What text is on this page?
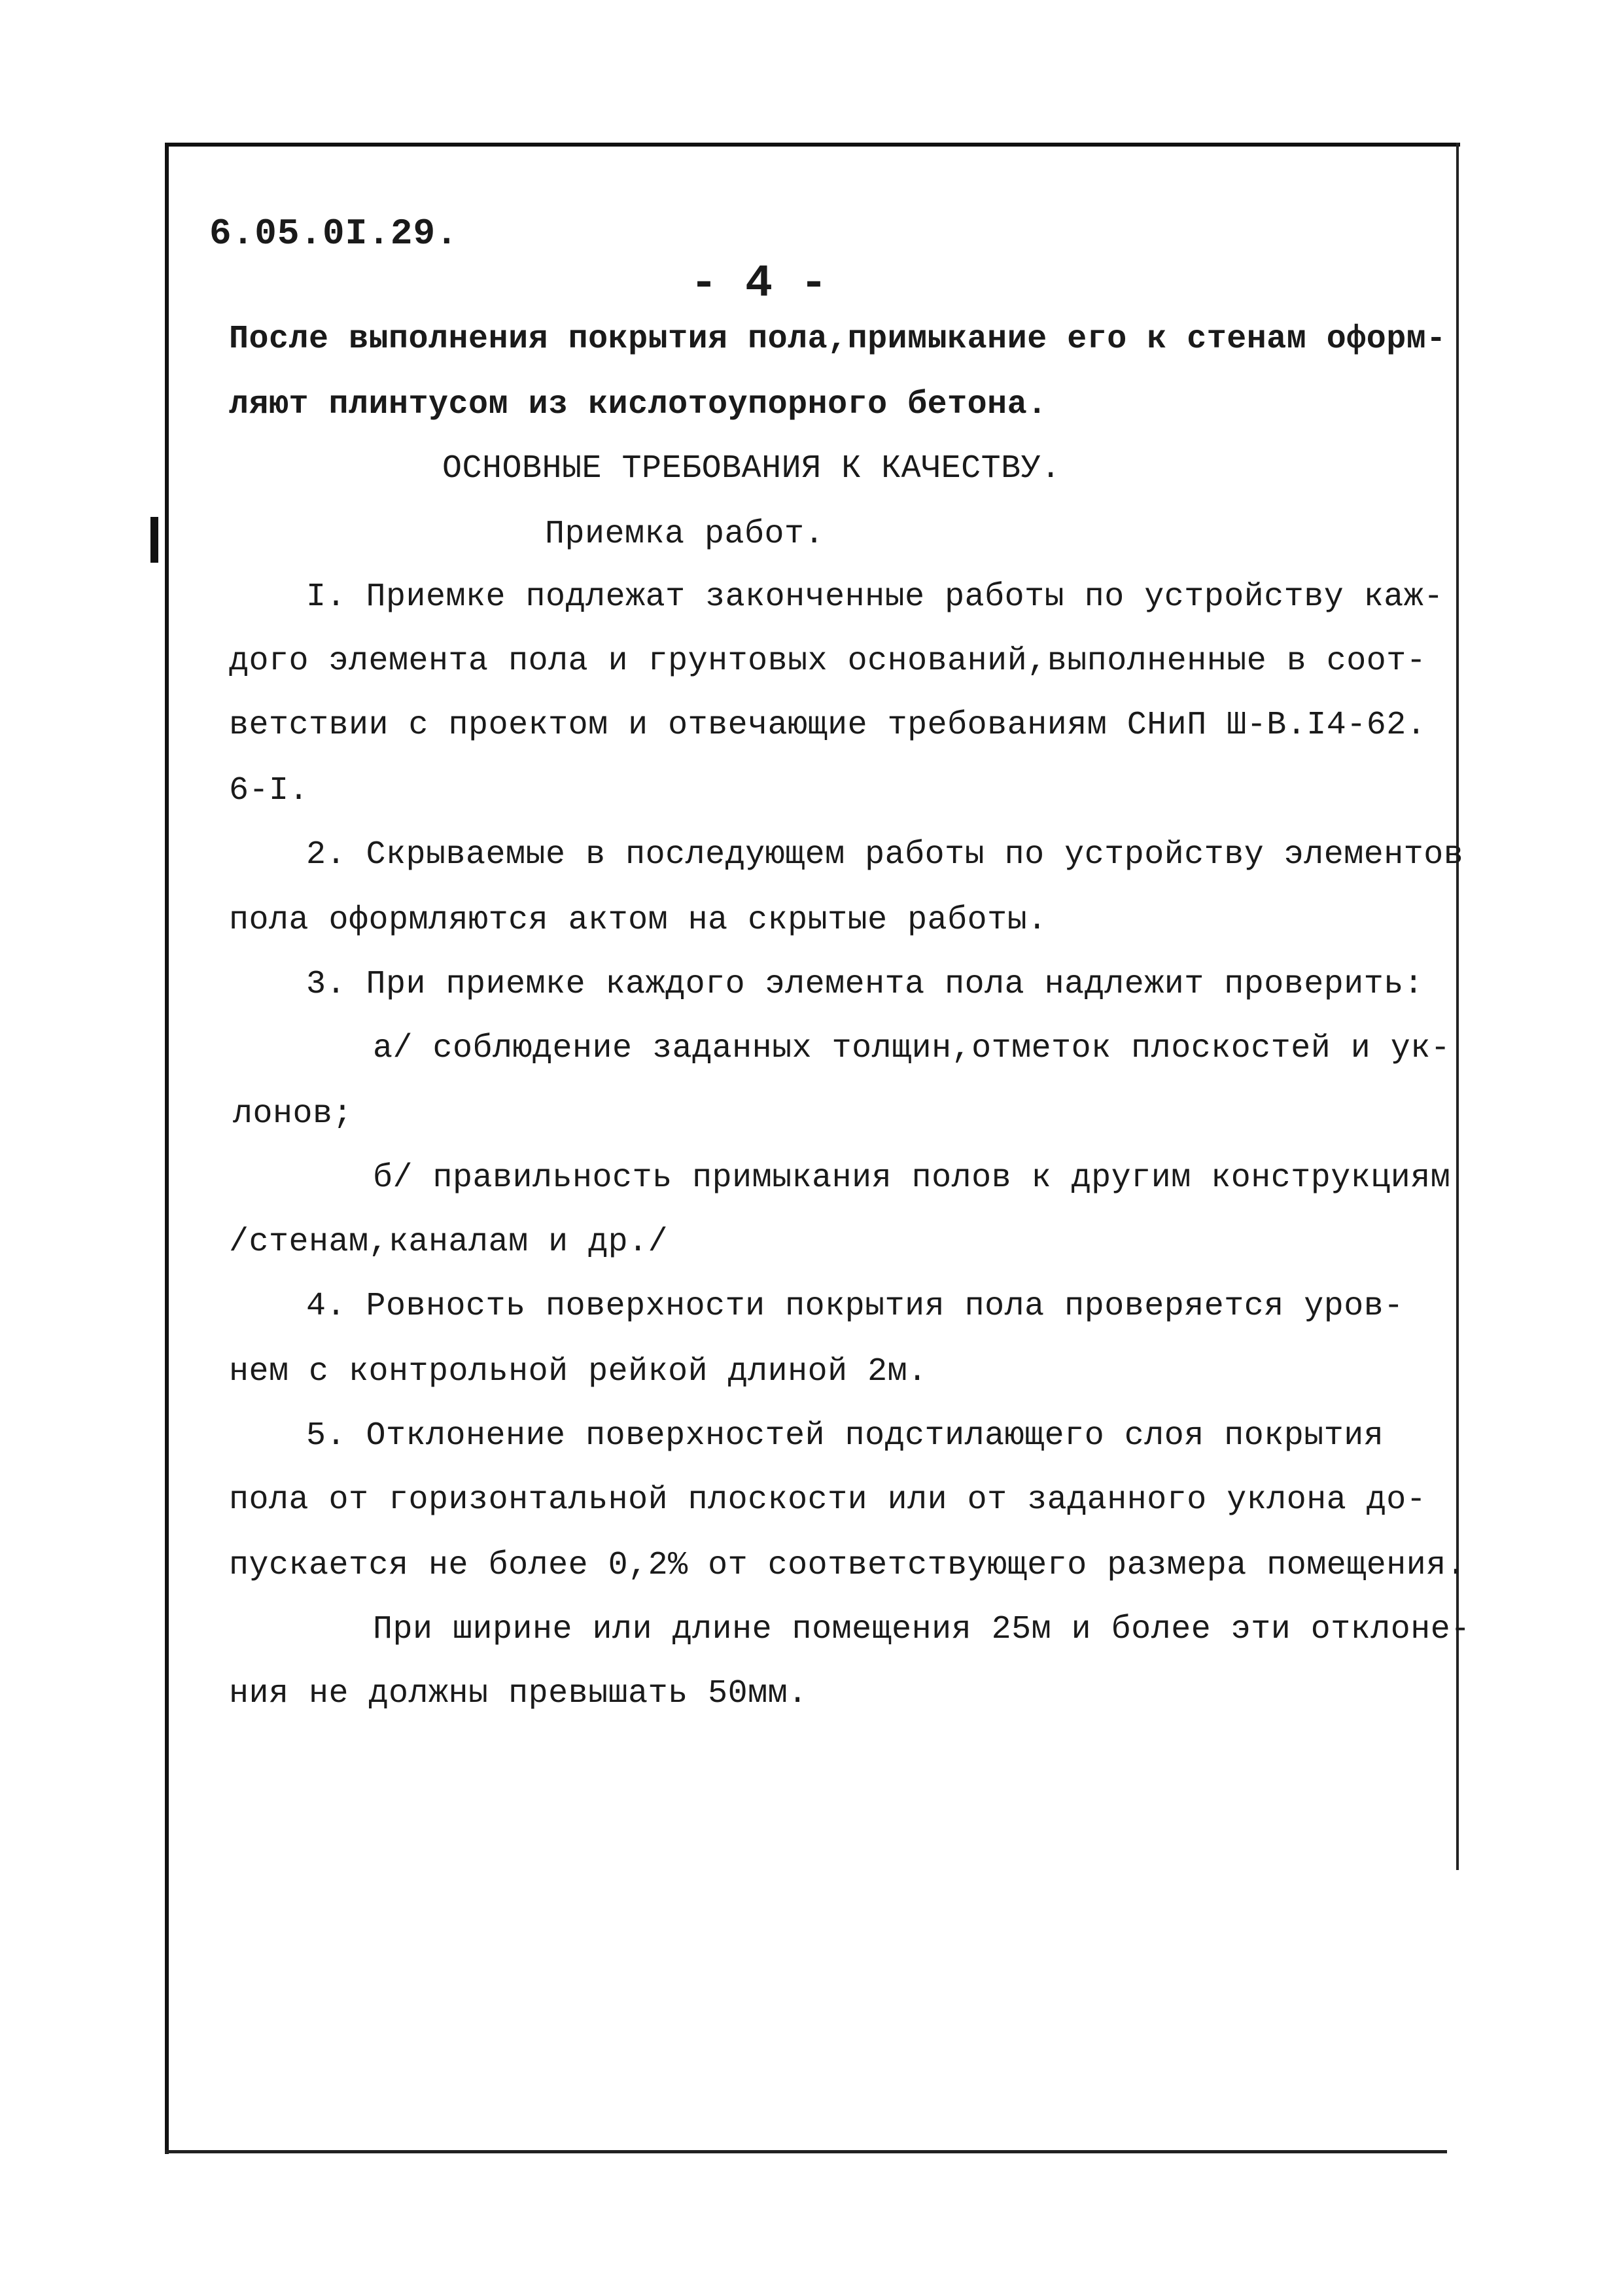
6.05.0I.29.
- 4 -
После выполнения покрытия пола,примыкание его к стенам оформ-
ляют плинтусом из кислотоупорного бетона.
ОСНОВНЫЕ ТРЕБОВАНИЯ К КАЧЕСТВУ.
Приемка работ.
I. Приемке подлежат законченные работы по устройству каж-
дого элемента пола и грунтовых оснований,выполненные в соот-
ветствии с проектом и отвечающие требованиям СНиП Ш-В.I4-62.
6-I.
2. Скрываемые в последующем работы по устройству элементов
пола оформляются актом на скрытые работы.
3. При приемке каждого элемента пола надлежит проверить:
а/ соблюдение заданных толщин,отметок плоскостей и ук-
лонов;
б/ правильность примыкания полов к другим конструкциям
/стенам,каналам и др./
4. Ровность поверхности покрытия пола проверяется уров-
нем с контрольной рейкой длиной 2м.
5. Отклонение поверхностей подстилающего слоя покрытия
пола от горизонтальной плоскости или от заданного уклона до-
пускается не более 0,2% от соответствующего размера помещения.
При ширине или длине помещения 25м и более эти отклоне-
ния не должны превышать 50мм.
